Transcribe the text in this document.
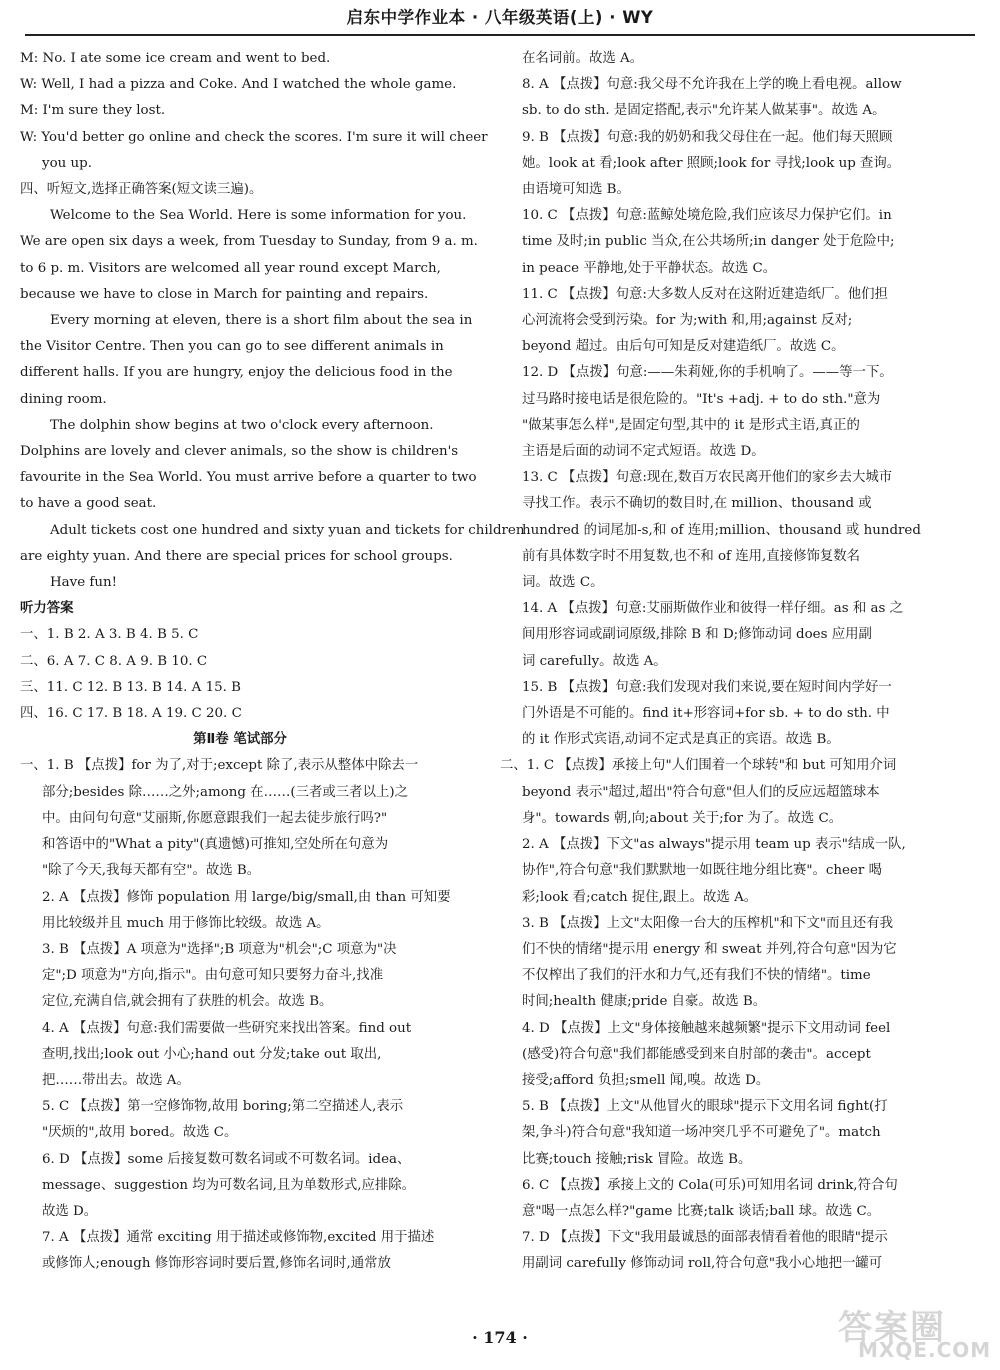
启东中学作业本 · 八年级英语(上) · WY
M: No. I ate some ice cream and went to bed.
W: Well, I had a pizza and Coke. And I watched the whole game.
M: I'm sure they lost.
W: You'd better go online and check the scores. I'm sure it will cheer
you up.
四、听短文,选择正确答案(短文读三遍)。
Welcome to the Sea World. Here is some information for you.
We are open six days a week, from Tuesday to Sunday, from 9 a. m.
to 6 p. m. Visitors are welcomed all year round except March,
because we have to close in March for painting and repairs.
Every morning at eleven, there is a short film about the sea in
the Visitor Centre. Then you can go to see different animals in
different halls. If you are hungry, enjoy the delicious food in the
dining room.
The dolphin show begins at two o'clock every afternoon.
Dolphins are lovely and clever animals, so the show is children's
favourite in the Sea World. You must arrive before a quarter to two
to have a good seat.
Adult tickets cost one hundred and sixty yuan and tickets for children
are eighty yuan. And there are special prices for school groups.
Have fun!
听力答案
一、1. B 2. A 3. B 4. B 5. C
二、6. A 7. C 8. A 9. B 10. C
三、11. C 12. B 13. B 14. A 15. B
四、16. C 17. B 18. A 19. C 20. C
第Ⅱ卷 笔试部分
一、1. B 【点拨】for 为了,对于;except 除了,表示从整体中除去一
部分;besides 除……之外;among 在……(三者或三者以上)之
中。由问句句意"艾丽斯,你愿意跟我们一起去徒步旅行吗?"
和答语中的"What a pity"(真遗憾)可推知,空处所在句意为
"除了今天,我每天都有空"。故选 B。
2. A 【点拨】修饰 population 用 large/big/small,由 than 可知要
用比较级并且 much 用于修饰比较级。故选 A。
3. B 【点拨】A 项意为"选择";B 项意为"机会";C 项意为"决
定";D 项意为"方向,指示"。由句意可知只要努力奋斗,找准
定位,充满自信,就会拥有了获胜的机会。故选 B。
4. A 【点拨】句意:我们需要做一些研究来找出答案。find out
查明,找出;look out 小心;hand out 分发;take out 取出,
把……带出去。故选 A。
5. C 【点拨】第一空修饰物,故用 boring;第二空描述人,表示
"厌烦的",故用 bored。故选 C。
6. D 【点拨】some 后接复数可数名词或不可数名词。idea、
message、suggestion 均为可数名词,且为单数形式,应排除。
故选 D。
7. A 【点拨】通常 exciting 用于描述或修饰物,excited 用于描述
或修饰人;enough 修饰形容词时要后置,修饰名词时,通常放
在名词前。故选 A。
8. A 【点拨】句意:我父母不允许我在上学的晚上看电视。allow
sb. to do sth. 是固定搭配,表示"允许某人做某事"。故选 A。
9. B 【点拨】句意:我的奶奶和我父母住在一起。他们每天照顾
她。look at 看;look after 照顾;look for 寻找;look up 查询。
由语境可知选 B。
10. C 【点拨】句意:蓝鲸处境危险,我们应该尽力保护它们。in
time 及时;in public 当众,在公共场所;in danger 处于危险中;
in peace 平静地,处于平静状态。故选 C。
11. C 【点拨】句意:大多数人反对在这附近建造纸厂。他们担
心河流将会受到污染。for 为;with 和,用;against 反对;
beyond 超过。由后句可知是反对建造纸厂。故选 C。
12. D 【点拨】句意:——朱莉娅,你的手机响了。——等一下。
过马路时接电话是很危险的。"It's +adj. + to do sth."意为
"做某事怎么样",是固定句型,其中的 it 是形式主语,真正的
主语是后面的动词不定式短语。故选 D。
13. C 【点拨】句意:现在,数百万农民离开他们的家乡去大城市
寻找工作。表示不确切的数目时,在 million、thousand 或
hundred 的词尾加-s,和 of 连用;million、thousand 或 hundred
前有具体数字时不用复数,也不和 of 连用,直接修饰复数名
词。故选 C。
14. A 【点拨】句意:艾丽斯做作业和彼得一样仔细。as 和 as 之
间用形容词或副词原级,排除 B 和 D;修饰动词 does 应用副
词 carefully。故选 A。
15. B 【点拨】句意:我们发现对我们来说,要在短时间内学好一
门外语是不可能的。find it+形容词+for sb. + to do sth. 中
的 it 作形式宾语,动词不定式是真正的宾语。故选 B。
二、1. C 【点拨】承接上句"人们围着一个球转"和 but 可知用介词
beyond 表示"超过,超出"符合句意"但人们的反应远超篮球本
身"。towards 朝,向;about 关于;for 为了。故选 C。
2. A 【点拨】下文"as always"提示用 team up 表示"结成一队,
协作",符合句意"我们默默地一如既往地分组比赛"。cheer 喝
彩;look 看;catch 捉住,跟上。故选 A。
3. B 【点拨】上文"太阳像一台大的压榨机"和下文"而且还有我
们不快的情绪"提示用 energy 和 sweat 并列,符合句意"因为它
不仅榨出了我们的汗水和力气,还有我们不快的情绪"。time
时间;health 健康;pride 自豪。故选 B。
4. D 【点拨】上文"身体接触越来越频繁"提示下文用动词 feel
(感受)符合句意"我们都能感受到来自肘部的袭击"。accept
接受;afford 负担;smell 闻,嗅。故选 D。
5. B 【点拨】上文"从他冒火的眼球"提示下文用名词 fight(打
架,争斗)符合句意"我知道一场冲突几乎不可避免了"。match
比赛;touch 接触;risk 冒险。故选 B。
6. C 【点拨】承接上文的 Cola(可乐)可知用名词 drink,符合句
意"喝一点怎么样?"game 比赛;talk 谈话;ball 球。故选 C。
7. D 【点拨】下文"我用最诚恳的面部表情看着他的眼睛"提示
用副词 carefully 修饰动词 roll,符合句意"我小心地把一罐可
· 174 ·	答案圈
MXQE.COM
